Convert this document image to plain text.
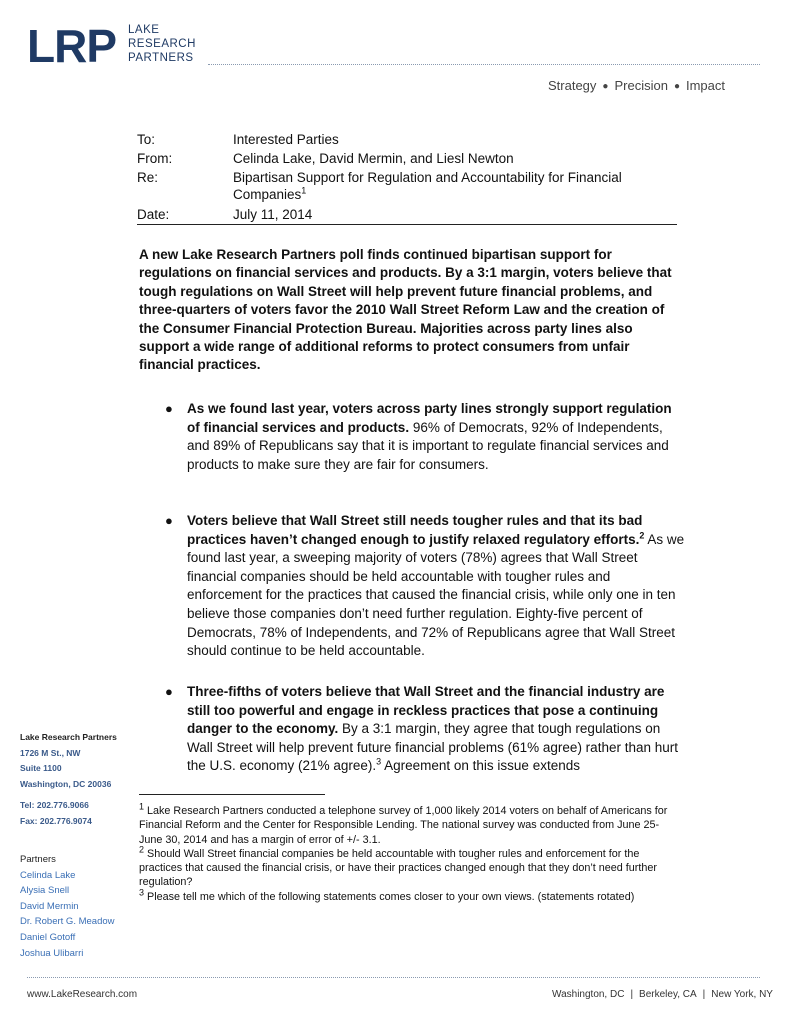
LRP LAKE
RESEARCH
PARTNERS
Strategy ● Precision ● Impact
To:	Interested Parties
From:	Celinda Lake, David Mermin, and Liesl Newton
Re:	Bipartisan Support for Regulation and Accountability for Financial Companies$^1$
Date:	July 11, 2014
A new Lake Research Partners poll finds continued bipartisan support for regulations on financial services and products. By a 3:1 margin, voters believe that tough regulations on Wall Street will help prevent future financial problems, and three-quarters of voters favor the 2010 Wall Street Reform Law and the creation of the Consumer Financial Protection Bureau. Majorities across party lines also support a wide range of additional reforms to protect consumers from unfair financial practices.
● As we found last year, voters across party lines strongly support regulation of financial services and products. 96% of Democrats, 92% of Independents, and 89% of Republicans say that it is important to regulate financial services and products to make sure they are fair for consumers.
● Voters believe that Wall Street still needs tougher rules and that its bad practices haven’t changed enough to justify relaxed regulatory efforts.$^2$ As we found last year, a sweeping majority of voters (78%) agrees that Wall Street financial companies should be held accountable with tougher rules and enforcement for the practices that caused the financial crisis, while only one in ten believe those companies don’t need further regulation. Eighty-five percent of Democrats, 78% of Independents, and 72% of Republicans agree that Wall Street should continue to be held accountable.
● Three-fifths of voters believe that Wall Street and the financial industry are still too powerful and engage in reckless practices that pose a continuing danger to the economy. By a 3:1 margin, they agree that tough regulations on Wall Street will help prevent future financial problems (61% agree) rather than hurt the U.S. economy (21% agree).$^3$ Agreement on this issue extends
Lake Research Partners
1726 M St., NW
Suite 1100
Washington, DC 20036
Tel: 202.776.9066
Fax: 202.776.9074
Partners
Celinda Lake
Alysia Snell
David Mermin
Dr. Robert G. Meadow
Daniel Gotoff
Joshua Ulibarri

$^1$ Lake Research Partners conducted a telephone survey of 1,000 likely 2014 voters on behalf of Americans for Financial Reform and the Center for Responsible Lending. The national survey was conducted from June 25-June 30, 2014 and has a margin of error of +/- 3.1.

$^2$ Should Wall Street financial companies be held accountable with tougher rules and enforcement for the practices that caused the financial crisis, or have their practices changed enough that they don’t need further regulation?

$^3$ Please tell me which of the following statements comes closer to your own views. (statements rotated)

www.LakeResearch.com	Washington, DC | Berkeley, CA | New York, NY
